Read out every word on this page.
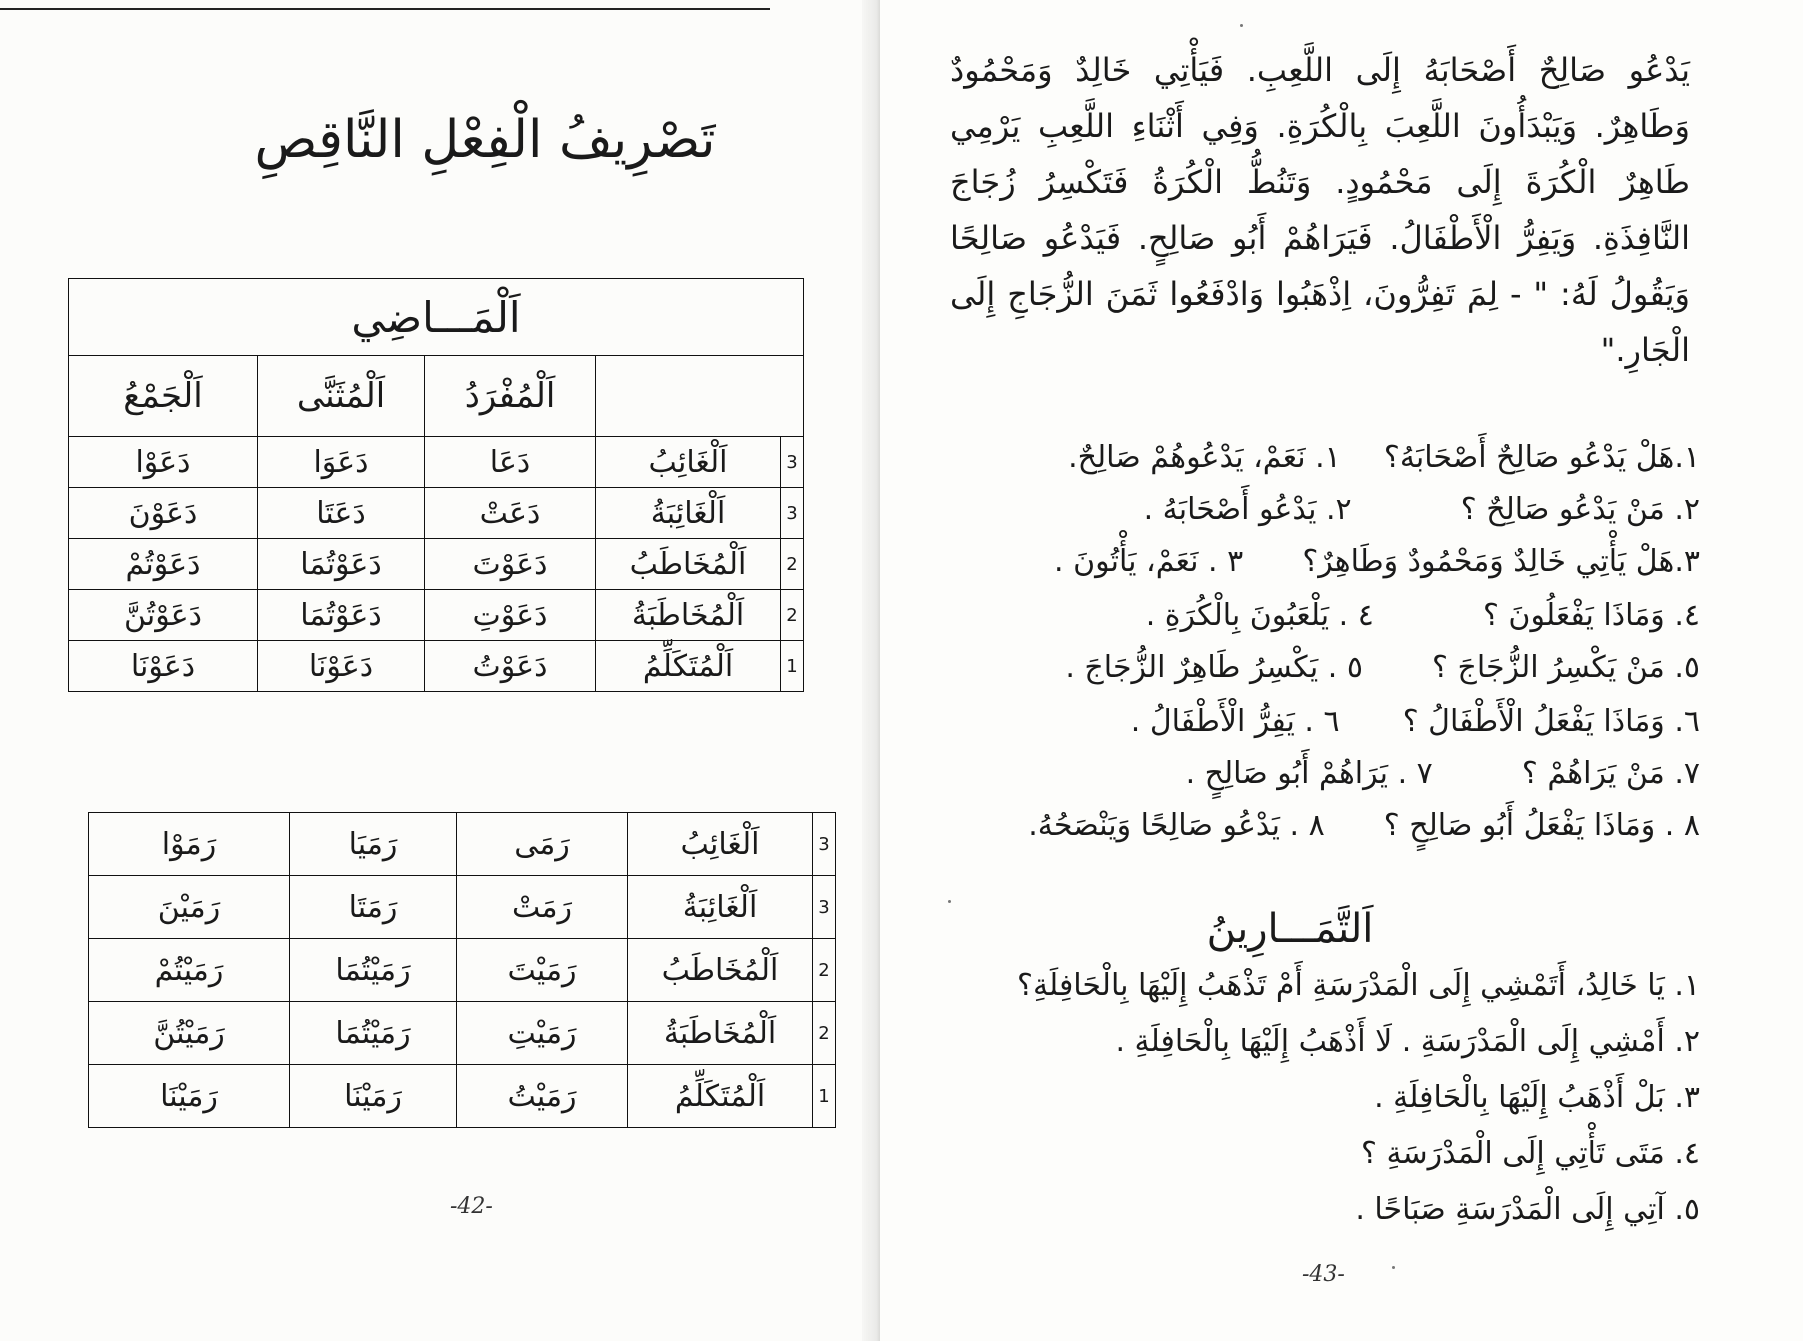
تَصْرِيفُ الْفِعْلِ النَّاقِصِ
اَلْمَـــاضِي				
		اَلْمُفْرَدُ	اَلْمُثَنَّى	اَلْجَمْعُ
3	اَلْغَائِبُ	دَعَا	دَعَوَا	دَعَوْا
3	اَلْغَائِبَةُ	دَعَتْ	دَعَتَا	دَعَوْنَ
2	اَلْمُخَاطَبُ	دَعَوْتَ	دَعَوْتُمَا	دَعَوْتُمْ
2	اَلْمُخَاطَبَةُ	دَعَوْتِ	دَعَوْتُمَا	دَعَوْتُنَّ
1	اَلْمُتَكَلِّمُ	دَعَوْتُ	دَعَوْنَا	دَعَوْنَا
3	اَلْغَائِبُ	رَمَى	رَمَيَا	رَمَوْا
3	اَلْغَائِبَةُ	رَمَتْ	رَمَتَا	رَمَيْنَ
2	اَلْمُخَاطَبُ	رَمَيْتَ	رَمَيْتُمَا	رَمَيْتُمْ
2	اَلْمُخَاطَبَةُ	رَمَيْتِ	رَمَيْتُمَا	رَمَيْتُنَّ
1	اَلْمُتَكَلِّمُ	رَمَيْتُ	رَمَيْنَا	رَمَيْنَا
-42-
يَدْعُو صَالِحٌ أَصْحَابَهُ إِلَى اللَّعِبِ. فَيَأْتِي خَالِدٌ وَمَحْمُودٌ وَطَاهِرٌ. وَيَبْدَأُونَ اللَّعِبَ بِالْكُرَةِ. وَفِي أَثْنَاءِ اللَّعِبِ يَرْمِي طَاهِرٌ الْكُرَةَ إِلَى مَحْمُودٍ. وَتَنُطُّ الْكُرَةُ فَتَكْسِرُ زُجَاجَ النَّافِذَةِ. وَيَفِرُّ الْأَطْفَالُ. فَيَرَاهُمْ أَبُو صَالِحٍ. فَيَدْعُو صَالِحًا وَيَقُولُ لَهُ: " - لِمَ تَفِرُّونَ، اِذْهَبُوا وَادْفَعُوا ثَمَنَ الزُّجَاجِ إِلَى الْجَارِ."
١.هَلْ يَدْعُو صَالِحٌ أَصْحَابَهُ؟  ١. نَعَمْ، يَدْعُوهُمْ صَالِحٌ.
٢. مَنْ يَدْعُو صَالِحٌ ؟  ٢. يَدْعُو أَصْحَابَهُ .
٣.هَلْ يَأْتِي خَالِدٌ وَمَحْمُودٌ وَطَاهِرٌ؟  ٣ . نَعَمْ، يَأْتُونَ .
٤. وَمَاذَا يَفْعَلُونَ ؟  ٤ . يَلْعَبُونَ بِالْكُرَةِ .
٥. مَنْ يَكْسِرُ الزُّجَاجَ ؟  ٥ . يَكْسِرُ طَاهِرٌ الزُّجَاجَ .
٦. وَمَاذَا يَفْعَلُ الْأَطْفَالُ ؟  ٦ . يَفِرُّ الْأَطْفَالُ .
٧. مَنْ يَرَاهُمْ ؟  ٧ . يَرَاهُمْ أَبُو صَالِحٍ .
٨ . وَمَاذَا يَفْعَلُ أَبُو صَالِحٍ ؟  ٨ . يَدْعُو صَالِحًا وَيَنْصَحُهُ.
اَلتَّمَـــارِينُ
١. يَا خَالِدُ، أَتَمْشِي إِلَى الْمَدْرَسَةِ أَمْ تَذْهَبُ إِلَيْهَا بِالْحَافِلَةِ؟
٢. أَمْشِي إِلَى الْمَدْرَسَةِ . لَا أَذْهَبُ إِلَيْهَا بِالْحَافِلَةِ .
٣. بَلْ أَذْهَبُ إِلَيْهَا بِالْحَافِلَةِ .
٤. مَتَى تَأْتِي إِلَى الْمَدْرَسَةِ ؟
٥. آتِي إِلَى الْمَدْرَسَةِ صَبَاحًا .
-43-
